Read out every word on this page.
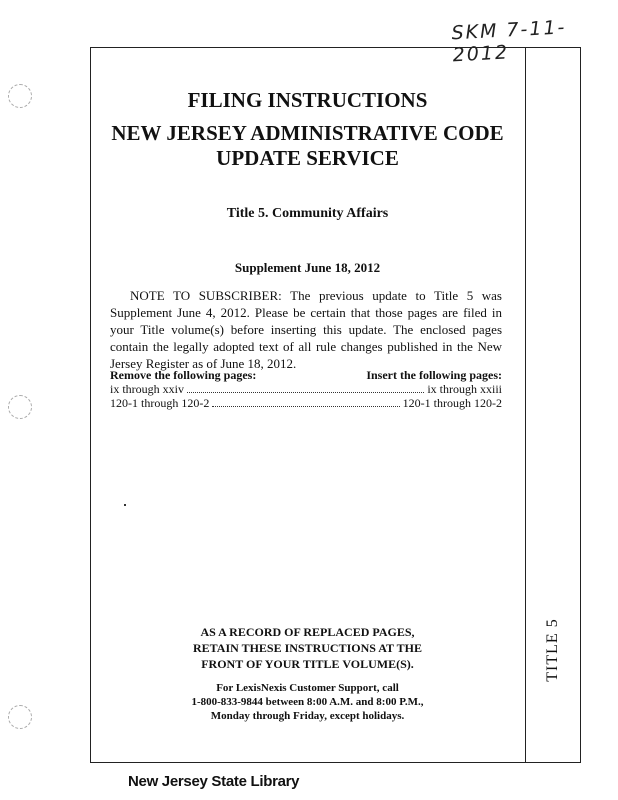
SKM 7-11-2012
TITLE 5
FILING INSTRUCTIONS
NEW JERSEY ADMINISTRATIVE CODE
UPDATE SERVICE
Title 5. Community Affairs
Supplement June 18, 2012
NOTE TO SUBSCRIBER: The previous update to Title 5 was Supplement June 4, 2012. Please be certain that those pages are filed in your Title volume(s) before inserting this update. The enclosed pages contain the legally adopted text of all rule changes published in the New Jersey Register as of June 18, 2012.
Remove the following pages:	Insert the following pages:
ix through xxiv	ix through xxiii
120-1 through 120-2	120-1 through 120-2
AS A RECORD OF REPLACED PAGES,
RETAIN THESE INSTRUCTIONS AT THE
FRONT OF YOUR TITLE VOLUME(S).
For LexisNexis Customer Support, call
1-800-833-9844 between 8:00 A.M. and 8:00 P.M.,
Monday through Friday, except holidays.
New Jersey State Library
